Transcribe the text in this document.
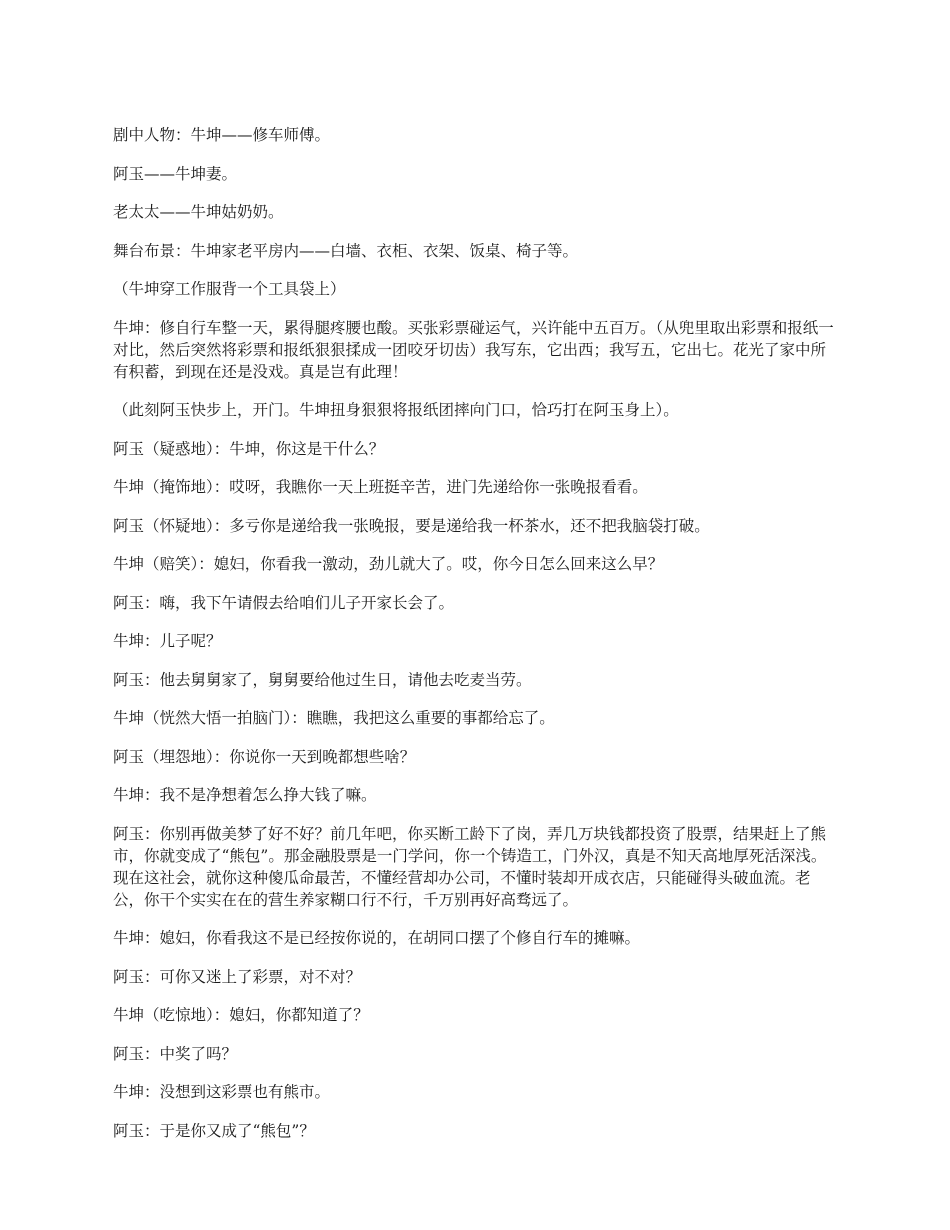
剧中人物：牛坤——修车师傅。

阿玉——牛坤妻。

老太太——牛坤姑奶奶。

舞台布景：牛坤家老平房内——白墙、衣柜、衣架、饭桌、椅子等。

（牛坤穿工作服背一个工具袋上）

牛坤：修自行车整一天，累得腿疼腰也酸。买张彩票碰运气，兴许能中五百万。（从兜里取出彩票和报纸一对比，然后突然将彩票和报纸狠狠揉成一团咬牙切齿）我写东，它出西；我写五，它出七。花光了家中所有积蓄，到现在还是没戏。真是岂有此理！

（此刻阿玉快步上，开门。牛坤扭身狠狠将报纸团摔向门口，恰巧打在阿玉身上）。

阿玉（疑惑地）：牛坤，你这是干什么？

牛坤（掩饰地）：哎呀，我瞧你一天上班挺辛苦，进门先递给你一张晚报看看。

阿玉（怀疑地）：多亏你是递给我一张晚报，要是递给我一杯茶水，还不把我脑袋打破。

牛坤（赔笑）：媳妇，你看我一激动，劲儿就大了。哎，你今日怎么回来这么早？

阿玉：嗨，我下午请假去给咱们儿子开家长会了。

牛坤：儿子呢？

阿玉：他去舅舅家了，舅舅要给他过生日，请他去吃麦当劳。

牛坤（恍然大悟一拍脑门）：瞧瞧，我把这么重要的事都给忘了。

阿玉（埋怨地）：你说你一天到晚都想些啥？

牛坤：我不是净想着怎么挣大钱了嘛。

阿玉：你别再做美梦了好不好？前几年吧，你买断工龄下了岗，弄几万块钱都投资了股票，结果赶上了熊市，你就变成了“熊包”。那金融股票是一门学问，你一个铸造工，门外汉，真是不知天高地厚死活深浅。现在这社会，就你这种傻瓜命最苦，不懂经营却办公司，不懂时装却开成衣店，只能碰得头破血流。老公，你干个实实在在的营生养家糊口行不行，千万别再好高骛远了。

牛坤：媳妇，你看我这不是已经按你说的，在胡同口摆了个修自行车的摊嘛。

阿玉：可你又迷上了彩票，对不对？

牛坤（吃惊地）：媳妇，你都知道了？

阿玉：中奖了吗？

牛坤：没想到这彩票也有熊市。

阿玉：于是你又成了“熊包”？
